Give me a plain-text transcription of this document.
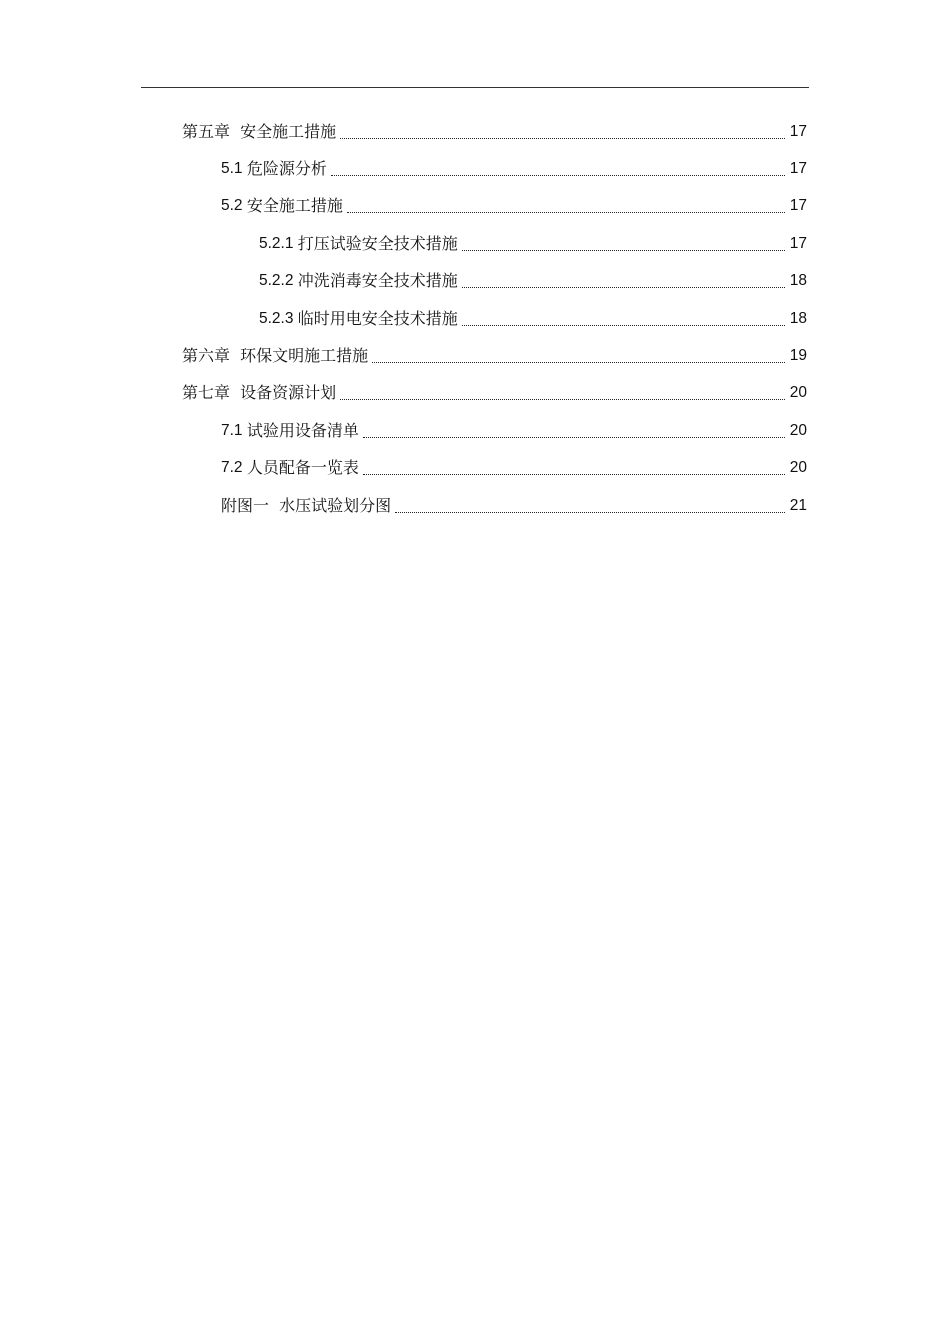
第五章  安全施工措施	17
5.1 危险源分析	17
5.2 安全施工措施	17
5.2.1 打压试验安全技术措施	17
5.2.2 冲洗消毒安全技术措施	18
5.2.3 临时用电安全技术措施	18
第六章  环保文明施工措施	19
第七章  设备资源计划	20
7.1 试验用设备清单	20
7.2 人员配备一览表	20
附图一  水压试验划分图	21
